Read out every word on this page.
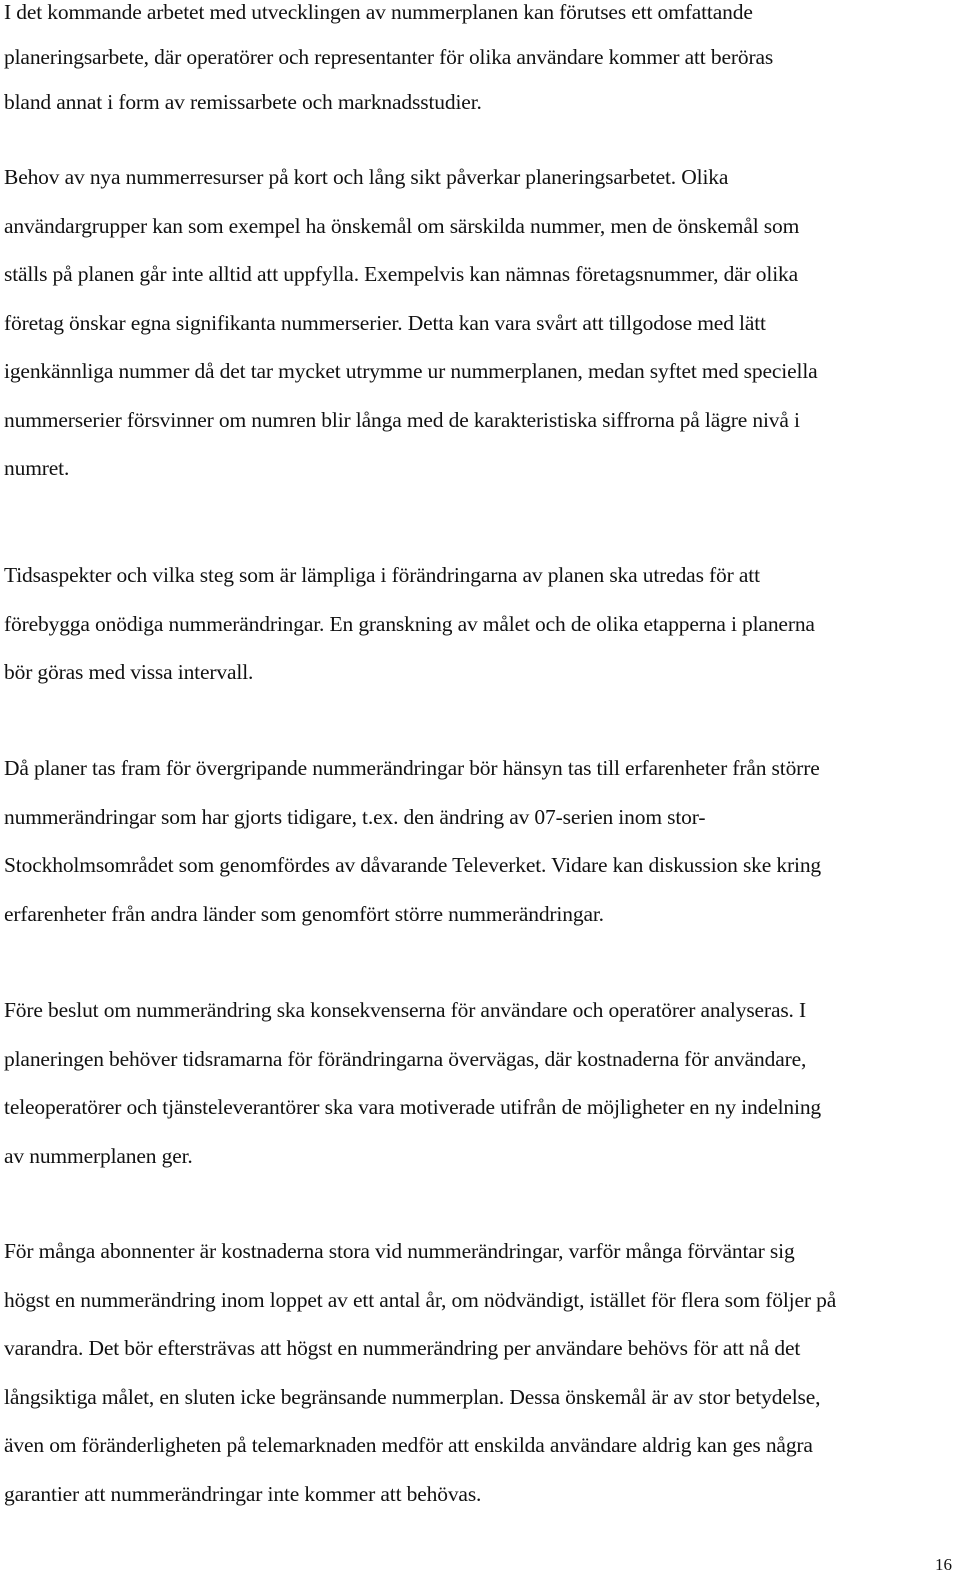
I det kommande arbetet med utvecklingen av nummerplanen kan förutses ett omfattande
planeringsarbete, där operatörer och representanter för olika användare kommer att beröras
bland annat i form av remissarbete och marknadsstudier.
Behov av nya nummerresurser på kort och lång sikt påverkar planeringsarbetet. Olika
användargrupper kan som exempel ha önskemål om särskilda nummer, men de önskemål som
ställs på planen går inte alltid att uppfylla. Exempelvis kan nämnas företagsnummer, där olika
företag önskar egna signifikanta nummerserier. Detta kan vara svårt att tillgodose med lätt
igenkännliga nummer då det tar mycket utrymme ur nummerplanen, medan syftet med speciella
nummerserier försvinner om numren blir långa med de karakteristiska siffrorna på lägre nivå i
numret.
Tidsaspekter och vilka steg som är lämpliga i förändringarna av planen ska utredas för att
förebygga onödiga nummerändringar. En granskning av målet och de olika etapperna i planerna
bör göras med vissa intervall.
Då planer tas fram för övergripande nummerändringar bör hänsyn tas till erfarenheter från större
nummerändringar som har gjorts tidigare, t.ex. den ändring av 07-serien inom stor-
Stockholmsområdet som genomfördes av dåvarande Televerket. Vidare kan diskussion ske kring
erfarenheter från andra länder som genomfört större nummerändringar.
Före beslut om nummerändring ska konsekvenserna för användare och operatörer analyseras. I
planeringen behöver tidsramarna för förändringarna övervägas, där kostnaderna för användare,
teleoperatörer och tjänsteleverantörer ska vara motiverade utifrån de möjligheter en ny indelning
av nummerplanen ger.
För många abonnenter är kostnaderna stora vid nummerändringar, varför många förväntar sig
högst en nummerändring inom loppet av ett antal år, om nödvändigt, istället för flera som följer på
varandra. Det bör eftersträvas att högst en nummerändring per användare behövs för att nå det
långsiktiga målet, en sluten icke begränsande nummerplan. Dessa önskemål är av stor betydelse,
även om föränderligheten på telemarknaden medför att enskilda användare aldrig kan ges några
garantier att nummerändringar inte kommer att behövas.
16
